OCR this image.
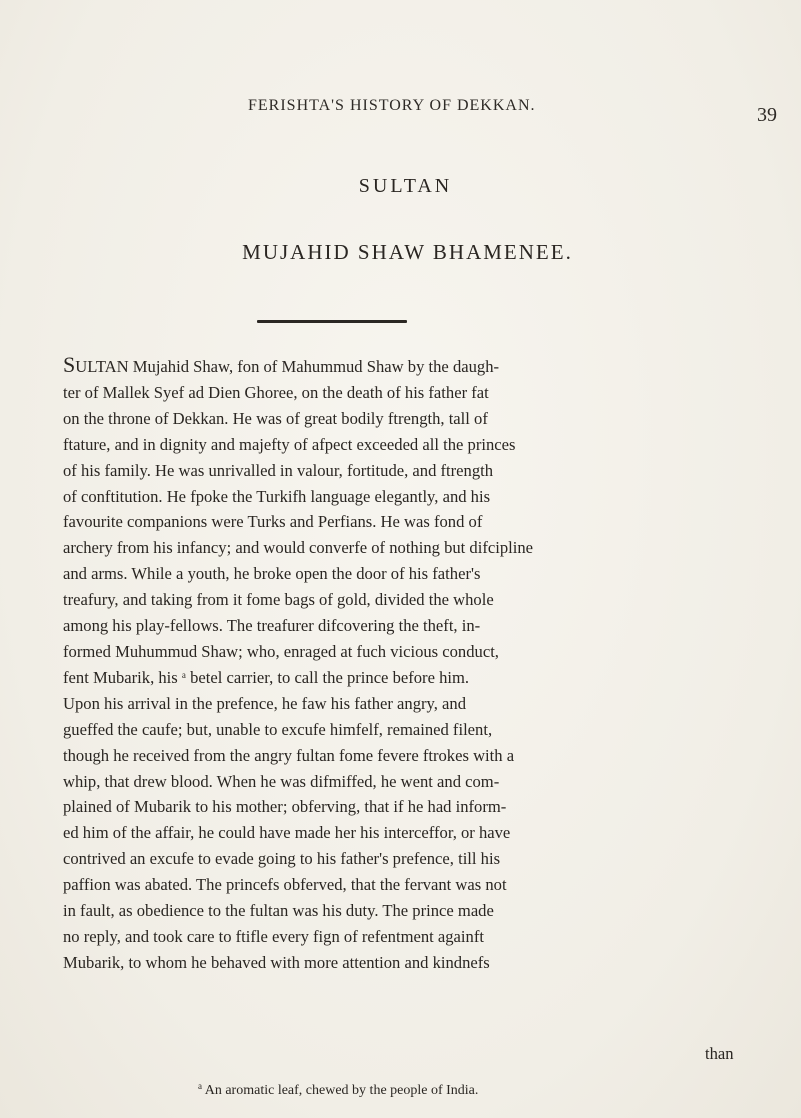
FERISHTA'S HISTORY OF DEKKAN.	39
SULTAN
MUJAHID SHAW BHAMENEE.
SULTAN Mujahid Shaw, fon of Mahummud Shaw by the daugh-
ter of Mallek Syef ad Dien Ghoree, on the death of his father fat
on the throne of Dekkan. He was of great bodily ftrength, tall of
ftature, and in dignity and majefty of afpect exceeded all the princes
of his family. He was unrivalled in valour, fortitude, and ftrength
of conftitution. He fpoke the Turkifh language elegantly, and his
favourite companions were Turks and Perfians. He was fond of
archery from his infancy; and would converfe of nothing but difcipline
and arms. While a youth, he broke open the door of his father's
treafury, and taking from it fome bags of gold, divided the whole
among his play-fellows. The treafurer difcovering the theft, in-
formed Muhummud Shaw; who, enraged at fuch vicious conduct,
fent Mubarik, his $^a$ betel carrier, to call the prince before him.
Upon his arrival in the prefence, he faw his father angry, and
gueffed the caufe; but, unable to excufe himfelf, remained filent,
though he received from the angry fultan fome fevere ftrokes with a
whip, that drew blood. When he was difmiffed, he went and com-
plained of Mubarik to his mother; obferving, that if he had inform-
ed him of the affair, he could have made her his interceffor, or have
contrived an excufe to evade going to his father's prefence, till his
paffion was abated. The princefs obferved, that the fervant was not
in fault, as obedience to the fultan was his duty. The prince made
no reply, and took care to ftifle every fign of refentment againft
Mubarik, to whom he behaved with more attention and kindnefs
than
$^a$ An aromatic leaf, chewed by the people of India.
